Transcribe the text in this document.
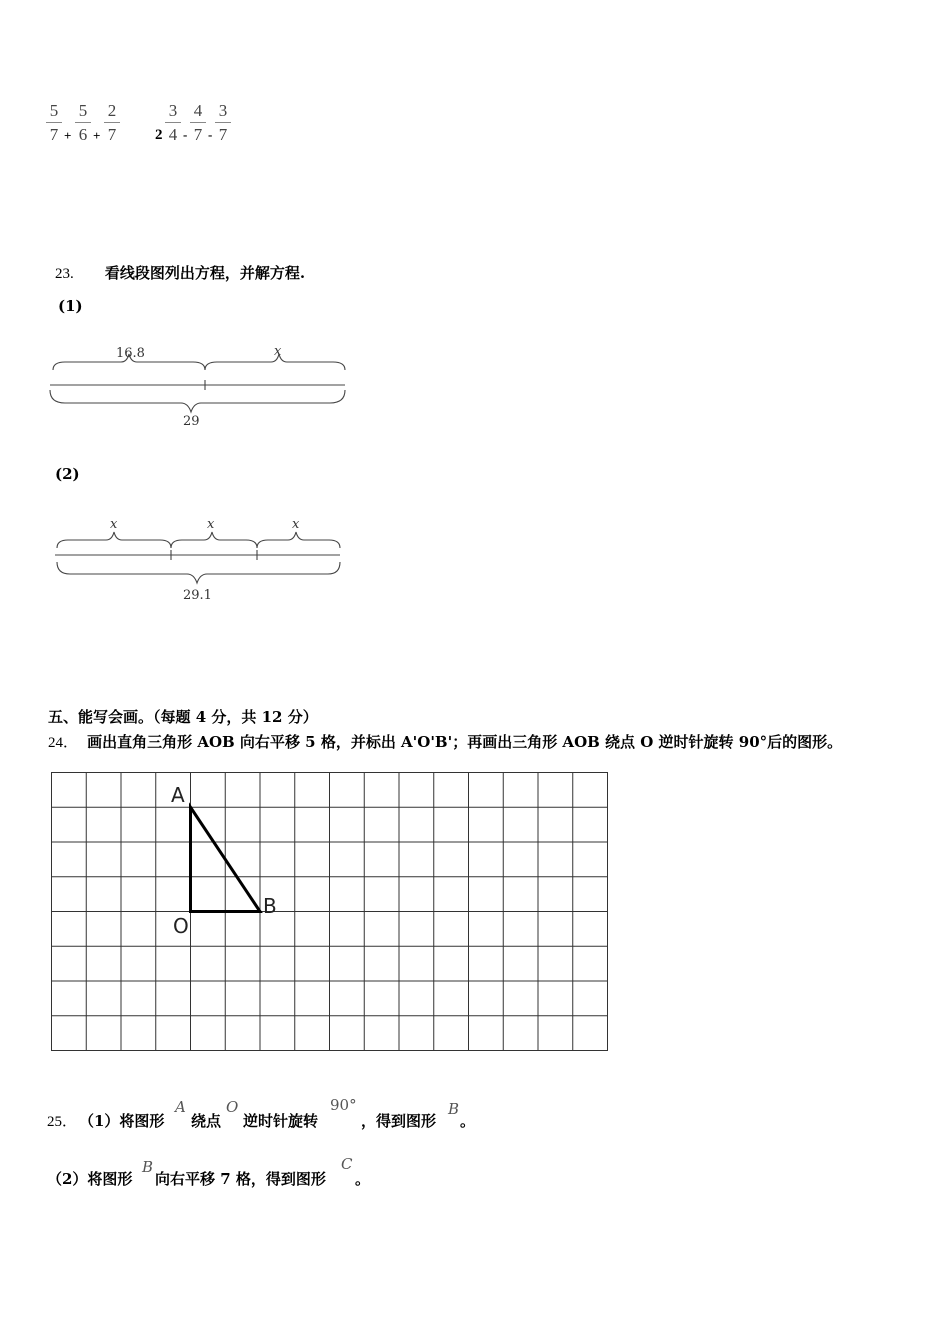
$\frac{5}{7} + \frac{5}{6} + \frac{2}{7} 2 \frac{3}{4} - \frac{4}{7} - \frac{3}{7}$
23. 看线段图列出方程，并解方程.
(1)
16.8	x
29
(2)
x	x	x
29.1
五、能写会画。（每题 4 分，共 12 分）
24． 画出直角三角形 AOB 向右平移 5 格，并标出 A'O'B'；再画出三角形 AOB 绕点 O 逆时针旋转 90°后的图形。
A
O
B
25． （1）将图形
A
绕点
O
逆时针旋转
90°
，得到图形
B
。
（2）将图形
B
向右平移 7 格，得到图形
C
。
